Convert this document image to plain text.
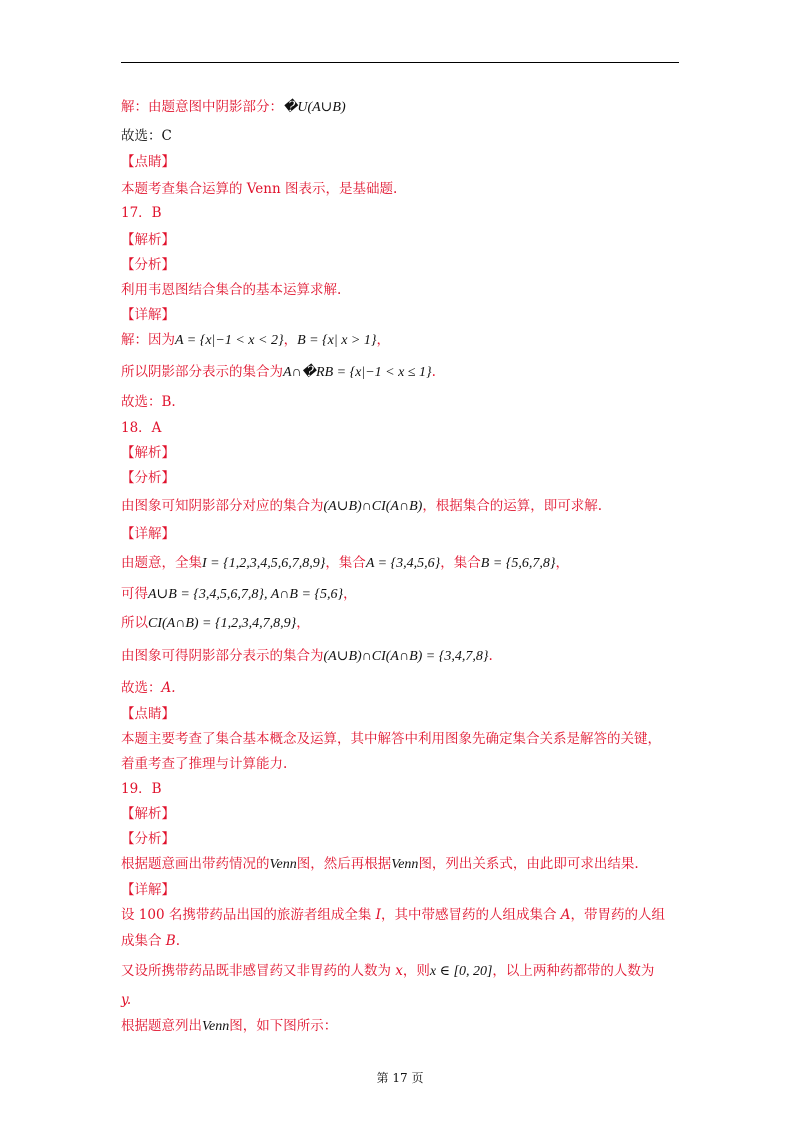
解：由题意图中阴影部分：�U(A∪B)
故选：C
【点睛】
本题考查集合运算的 Venn 图表示，是基础题.
17．B
【解析】
【分析】
利用韦恩图结合集合的基本运算求解.
【详解】
解：因为A = {x|−1 < x < 2}，B = {x| x > 1}，
所以阴影部分表示的集合为A∩�RB = {x|−1 < x ≤ 1}.
故选：B.
18．A
【解析】
【分析】
由图象可知阴影部分对应的集合为(A∪B)∩CI(A∩B)，根据集合的运算，即可求解.
【详解】
由题意，全集I = {1,2,3,4,5,6,7,8,9}，集合A = {3,4,5,6}，集合B = {5,6,7,8}，
可得A∪B = {3,4,5,6,7,8}, A∩B = {5,6}，
所以CI(A∩B) = {1,2,3,4,7,8,9}，
由图象可得阴影部分表示的集合为(A∪B)∩CI(A∩B) = {3,4,7,8}.
故选：A.
【点睛】
本题主要考查了集合基本概念及运算，其中解答中利用图象先确定集合关系是解答的关键，
着重考查了推理与计算能力.
19．B
【解析】
【分析】
根据题意画出带药情况的Venn图，然后再根据Venn图，列出关系式，由此即可求出结果.
【详解】
设 100 名携带药品出国的旅游者组成全集 I，其中带感冒药的人组成集合 A，带胃药的人组
成集合 B.
又设所携带药品既非感冒药又非胃药的人数为 x，则x ∈ [0, 20]，以上两种药都带的人数为
y.
根据题意列出Venn图，如下图所示：
第 17 页
